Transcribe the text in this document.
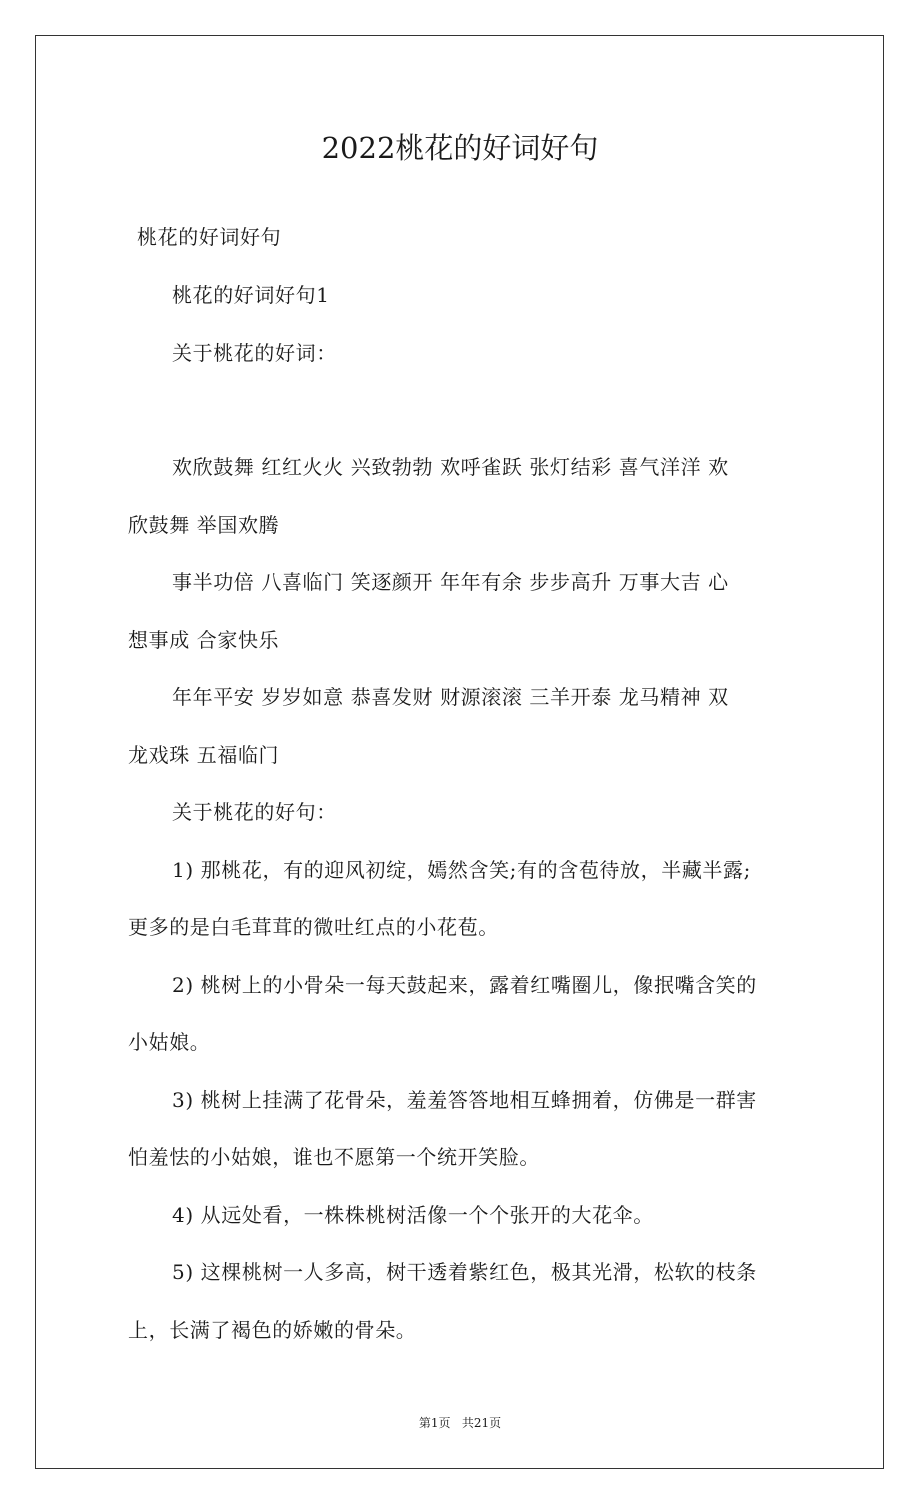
2022桃花的好词好句
桃花的好词好句
桃花的好词好句1
关于桃花的好词：
欢欣鼓舞 红红火火 兴致勃勃 欢呼雀跃 张灯结彩 喜气洋洋 欢
欣鼓舞 举国欢腾
事半功倍 八喜临门 笑逐颜开 年年有余 步步高升 万事大吉 心
想事成 合家快乐
年年平安 岁岁如意 恭喜发财 财源滚滚 三羊开泰 龙马精神 双
龙戏珠 五福临门
关于桃花的好句：
1) 那桃花，有的迎风初绽，嫣然含笑;有的含苞待放，半藏半露;
更多的是白毛茸茸的微吐红点的小花苞。
2) 桃树上的小骨朵一每天鼓起来，露着红嘴圈儿，像抿嘴含笑的
小姑娘。
3) 桃树上挂满了花骨朵，羞羞答答地相互蜂拥着，仿佛是一群害
怕羞怯的小姑娘，谁也不愿第一个统开笑脸。
4) 从远处看，一株株桃树活像一个个张开的大花伞。
5) 这棵桃树一人多高，树干透着紫红色，极其光滑，松软的枝条
上，长满了褐色的娇嫩的骨朵。
第1页   共21页
